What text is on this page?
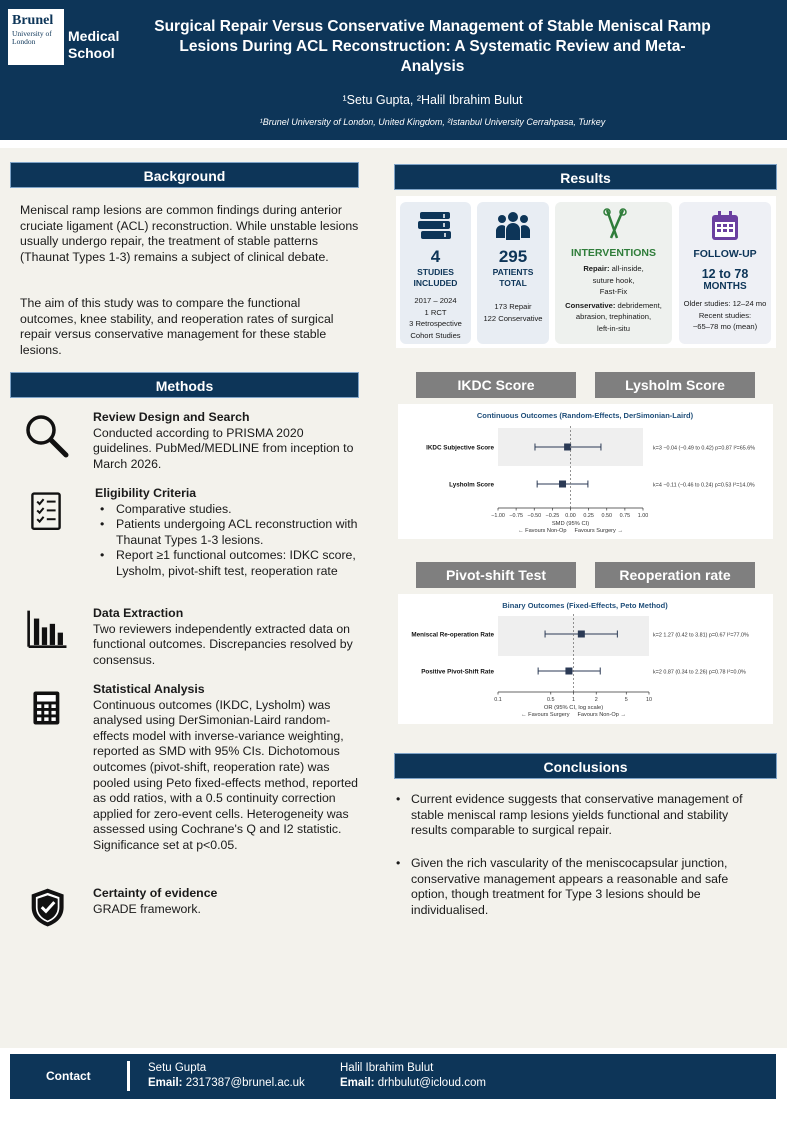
Brunel
University of London	Medical School
Surgical Repair Versus Conservative Management of Stable Meniscal Ramp Lesions During ACL Reconstruction: A Systematic Review and Meta-Analysis
¹Setu Gupta, ²Halil Ibrahim Bulut
¹Brunel University of London, United Kingdom, ²Istanbul University Cerrahpasa, Turkey
Background
Meniscal ramp lesions are common findings during anterior cruciate ligament (ACL) reconstruction. While unstable lesions usually undergo repair, the treatment of stable patterns (Thaunat Types 1-3) remains a subject of clinical debate.
The aim of this study was to compare the functional outcomes, knee stability, and reoperation rates of surgical repair versus conservative management for these stable lesions.
Methods
Review Design and Search
Conducted according to PRISMA 2020 guidelines. PubMed/MEDLINE from inception to March 2026.
Eligibility Criteria
• Comparative studies.
• Patients undergoing ACL reconstruction with Thaunat Types 1-3 lesions.
• Report ≥1 functional outcomes: IDKC score, Lysholm, pivot-shift test, reoperation rate
Data Extraction
Two reviewers independently extracted data on functional outcomes. Discrepancies resolved by consensus.
Statistical Analysis
Continuous outcomes (IKDC, Lysholm) was analysed using DerSimonian-Laird random-effects model with inverse-variance weighting, reported as SMD with 95% CIs. Dichotomous outcomes (pivot-shift, reoperation rate) was pooled using Peto fixed-effects method, reported as odd ratios, with a 0.5 continuity correction applied for zero-event cells. Heterogeneity was assessed using Cochrane's Q and I2 statistic. Significance set at p<0.05.
Certainty of evidence
GRADE framework.
Results
4
STUDIES
INCLUDED
2017 – 2024
1 RCT
3 Retrospective
Cohort Studies
295
PATIENTS
TOTAL
173 Repair
122 Conservative
INTERVENTIONS
Repair: all-inside,
suture hook,
Fast-Fix
Conservative: debridement,
abrasion, trephination,
left-in-situ
FOLLOW-UP
12 to 78
MONTHS
Older studies: 12–24 mo
Recent studies:
~65–78 mo (mean)
IKDC Score	Lysholm Score
Continuous Outcomes (Random-Effects, DerSimonian-Laird)
IKDC Subjective Score	k=3 −0.04 (−0.49 to 0.42) p=0.87 I²=65.6%
Lysholm Score	k=4 −0.11 (−0.46 to 0.24) p=0.53 I²=14.0%
−1.00 −0.75 −0.50 −0.25 0.00 0.25 0.50 0.75 1.00
SMD (95% CI)
← Favours Non-Op Favours Surgery →
Pivot-shift Test	Reoperation rate
Binary Outcomes (Fixed-Effects, Peto Method)
Meniscal Re-operation Rate	k=2 1.27 (0.42 to 3.81) p=0.67 I²=77.0%
Positive Pivot-Shift Rate	k=2 0.87 (0.34 to 2.26) p=0.78 I²=0.0%
0.1	0.5	1	2	5	10
OR (95% CI, log scale)
← Favours Surgery Favours Non-Op →
Conclusions
• Current evidence suggests that conservative management of stable meniscal ramp lesions yields functional and stability results comparable to surgical repair.
• Given the rich vascularity of the meniscocapsular junction, conservative management appears a reasonable and safe option, though treatment for Type 3 lesions should be individualised.
Contact
Setu Gupta
Email: 2317387@brunel.ac.uk
Halil Ibrahim Bulut
Email: drhbulut@icloud.com
